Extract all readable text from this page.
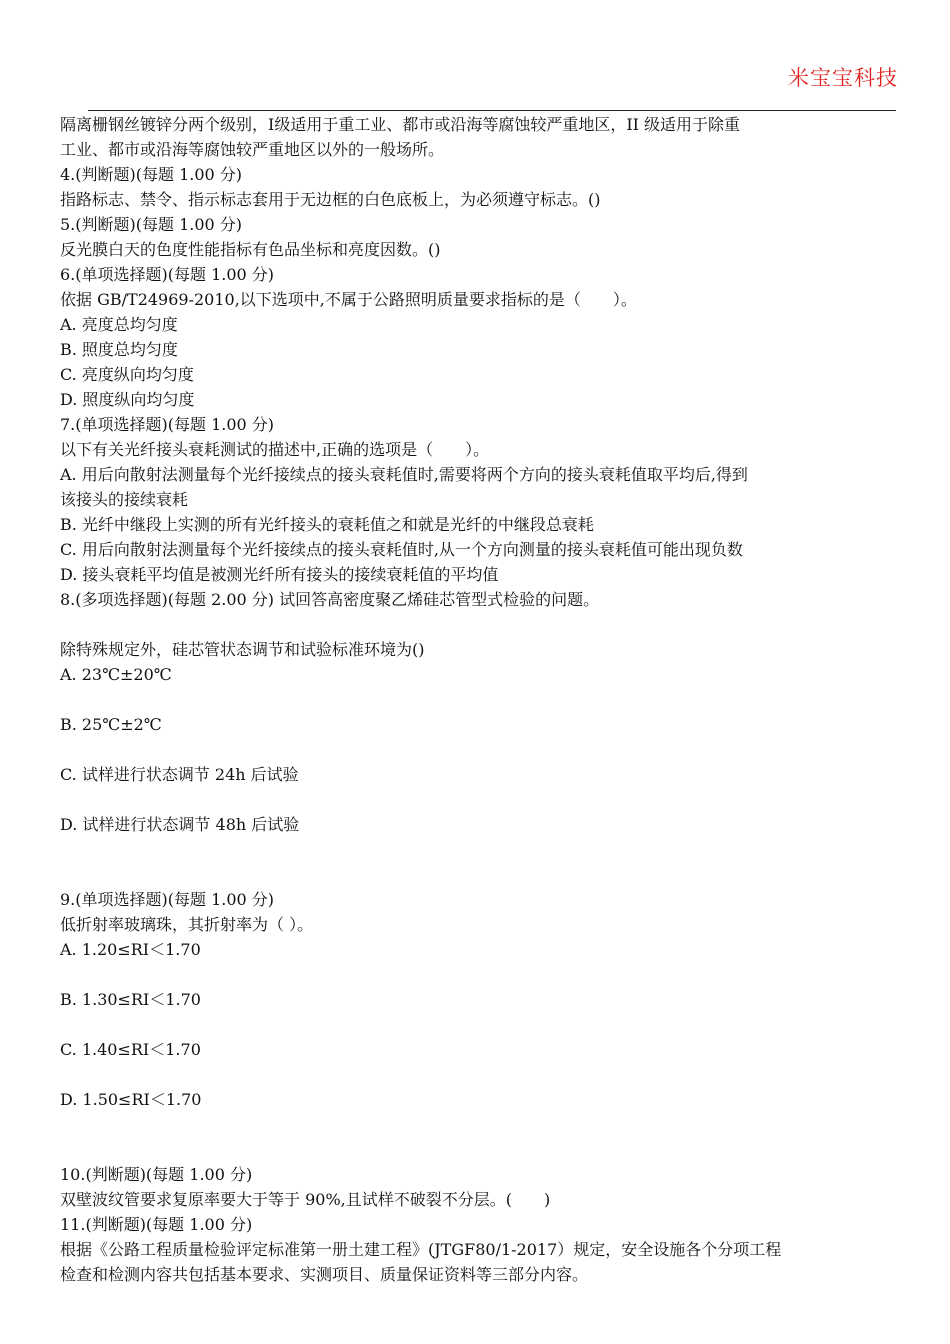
米宝宝科技
隔离栅钢丝镀锌分两个级别，Ⅰ级适用于重工业、都市或沿海等腐蚀较严重地区，II 级适用于除重
工业、都市或沿海等腐蚀较严重地区以外的一般场所。
4.(判断题)(每题 1.00 分)
指路标志、禁令、指示标志套用于无边框的白色底板上，为必须遵守标志。()
5.(判断题)(每题 1.00 分)
反光膜白天的色度性能指标有色品坐标和亮度因数。()
6.(单项选择题)(每题 1.00 分)
依据 GB/T24969-2010,以下选项中,不属于公路照明质量要求指标的是（　　）。
A. 亮度总均匀度
B. 照度总均匀度
C. 亮度纵向均匀度
D. 照度纵向均匀度
7.(单项选择题)(每题 1.00 分)
以下有关光纤接头衰耗测试的描述中,正确的选项是（　　）。
A. 用后向散射法测量每个光纤接续点的接头衰耗值时,需要将两个方向的接头衰耗值取平均后,得到
该接头的接续衰耗
B. 光纤中继段上实测的所有光纤接头的衰耗值之和就是光纤的中继段总衰耗
C. 用后向散射法测量每个光纤接续点的接头衰耗值时,从一个方向测量的接头衰耗值可能出现负数
D. 接头衰耗平均值是被测光纤所有接头的接续衰耗值的平均值
8.(多项选择题)(每题 2.00 分) 试回答高密度聚乙烯硅芯管型式检验的问题。
除特殊规定外，硅芯管状态调节和试验标准环境为()
A. 23℃±20℃
B. 25℃±2℃
C. 试样进行状态调节 24h 后试验
D. 试样进行状态调节 48h 后试验
9.(单项选择题)(每题 1.00 分)
低折射率玻璃珠，其折射率为（ ）。
A. 1.20≤RI＜1.70
B. 1.30≤RI＜1.70
C. 1.40≤RI＜1.70
D. 1.50≤RI＜1.70
10.(判断题)(每题 1.00 分)
双壁波纹管要求复原率要大于等于 90%,且试样不破裂不分层。(　　)
11.(判断题)(每题 1.00 分)
根据《公路工程质量检验评定标准第一册土建工程》(JTGF80/1-2017）规定，安全设施各个分项工程
检查和检测内容共包括基本要求、实测项目、质量保证资料等三部分内容。
